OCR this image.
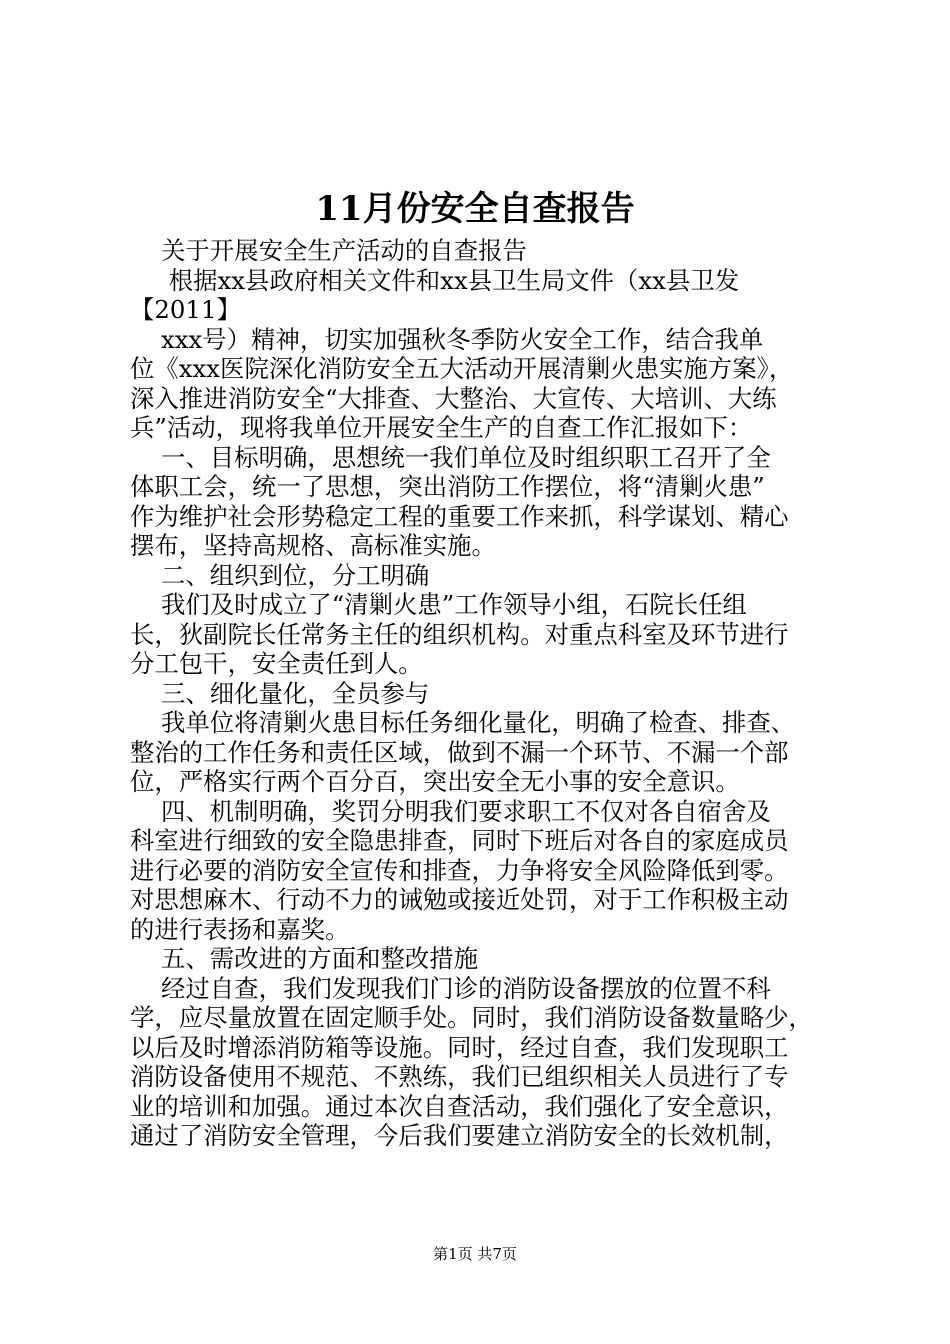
11月份安全自查报告
关于开展安全生产活动的自查报告
根据xx县政府相关文件和xx县卫生局文件（xx县卫发
【2011】
xxx号）精神，切实加强秋冬季防火安全工作，结合我单
位《xxx医院深化消防安全五大活动开展清剿火患实施方案》，
深入推进消防安全“大排查、大整治、大宣传、大培训、大练
兵”活动，现将我单位开展安全生产的自查工作汇报如下：
一、目标明确，思想统一我们单位及时组织职工召开了全
体职工会，统一了思想，突出消防工作摆位，将“清剿火患”
作为维护社会形势稳定工程的重要工作来抓，科学谋划、精心
摆布，坚持高规格、高标准实施。
二、组织到位，分工明确
我们及时成立了“清剿火患”工作领导小组，石院长任组
长，狄副院长任常务主任的组织机构。对重点科室及环节进行
分工包干，安全责任到人。
三、细化量化，全员参与
我单位将清剿火患目标任务细化量化，明确了检查、排查、
整治的工作任务和责任区域，做到不漏一个环节、不漏一个部
位，严格实行两个百分百，突出安全无小事的安全意识。
四、机制明确，奖罚分明我们要求职工不仅对各自宿舍及
科室进行细致的安全隐患排查，同时下班后对各自的家庭成员
进行必要的消防安全宣传和排查，力争将安全风险降低到零。
对思想麻木、行动不力的诫勉或接近处罚，对于工作积极主动
的进行表扬和嘉奖。
五、需改进的方面和整改措施
经过自查，我们发现我们门诊的消防设备摆放的位置不科
学，应尽量放置在固定顺手处。同时，我们消防设备数量略少，
以后及时增添消防箱等设施。同时，经过自查，我们发现职工
消防设备使用不规范、不熟练，我们已组织相关人员进行了专
业的培训和加强。通过本次自查活动，我们强化了安全意识，
通过了消防安全管理，今后我们要建立消防安全的长效机制，
第1页 共7页
